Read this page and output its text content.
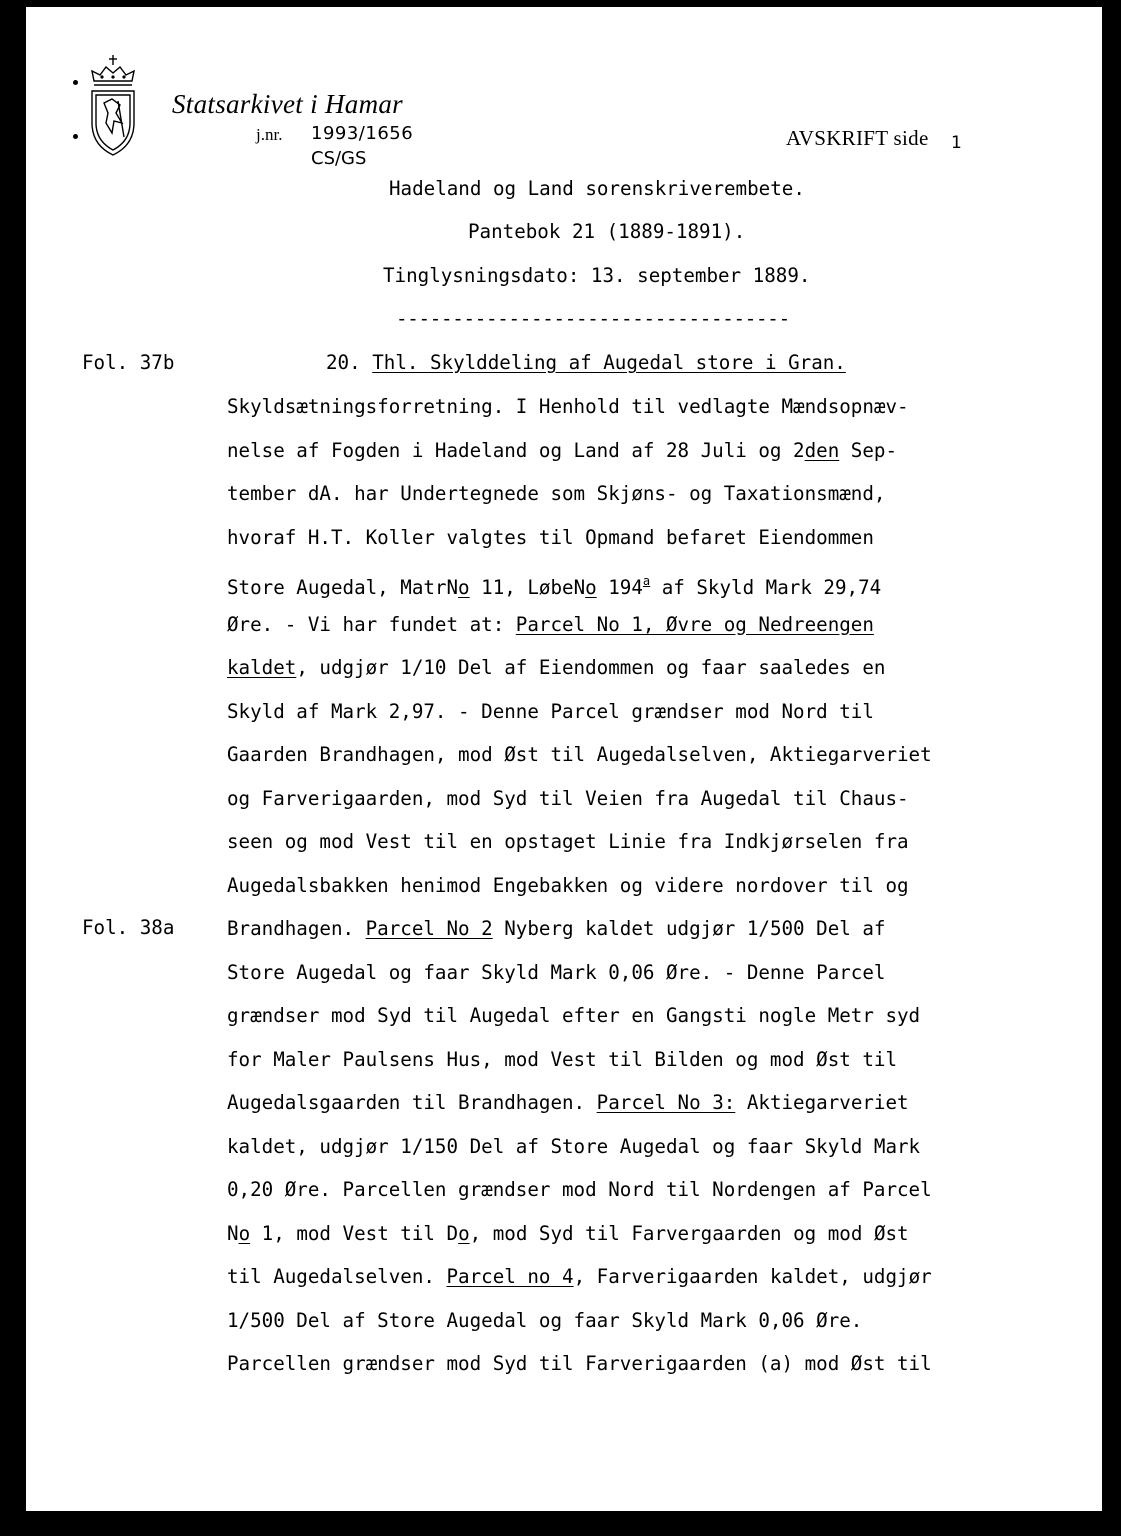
Statsarkivet i Hamar
j.nr. 1993/1656
CS/GS
AVSKRIFT side 1
Hadeland og Land sorenskriverembete.
Pantebok 21 (1889-1891).
Tinglysningsdato: 13. september 1889.
-----------------------------------
Fol. 37b
Fol. 38a
20. Thl. Skylddeling af Augedal store i Gran.
Skyldsætningsforretning. I Henhold til vedlagte Mændsopnæv-
nelse af Fogden i Hadeland og Land af 28 Juli og 2den Sep-
tember dA. har Undertegnede som Skjøns- og Taxationsmænd,
hvoraf H.T. Koller valgtes til Opmand befaret Eiendommen
Store Augedal, MatrNo 11, LøbeNo 194$^a$ af Skyld Mark 29,74
Øre. - Vi har fundet at: Parcel No 1, Øvre og Nedreengen
kaldet, udgjør 1/10 Del af Eiendommen og faar saaledes en
Skyld af Mark 2,97. - Denne Parcel grændser mod Nord til
Gaarden Brandhagen, mod Øst til Augedalselven, Aktiegarveriet
og Farverigaarden, mod Syd til Veien fra Augedal til Chaus-
seen og mod Vest til en opstaget Linie fra Indkjørselen fra
Augedalsbakken henimod Engebakken og videre nordover til og
Brandhagen. Parcel No 2 Nyberg kaldet udgjør 1/500 Del af
Store Augedal og faar Skyld Mark 0,06 Øre. - Denne Parcel
grændser mod Syd til Augedal efter en Gangsti nogle Metr syd
for Maler Paulsens Hus, mod Vest til Bilden og mod Øst til
Augedalsgaarden til Brandhagen. Parcel No 3: Aktiegarveriet
kaldet, udgjør 1/150 Del af Store Augedal og faar Skyld Mark
0,20 Øre. Parcellen grændser mod Nord til Nordengen af Parcel
No 1, mod Vest til Do, mod Syd til Farvergaarden og mod Øst
til Augedalselven. Parcel no 4, Farverigaarden kaldet, udgjør
1/500 Del af Store Augedal og faar Skyld Mark 0,06 Øre.
Parcellen grændser mod Syd til Farverigaarden (a) mod Øst til
